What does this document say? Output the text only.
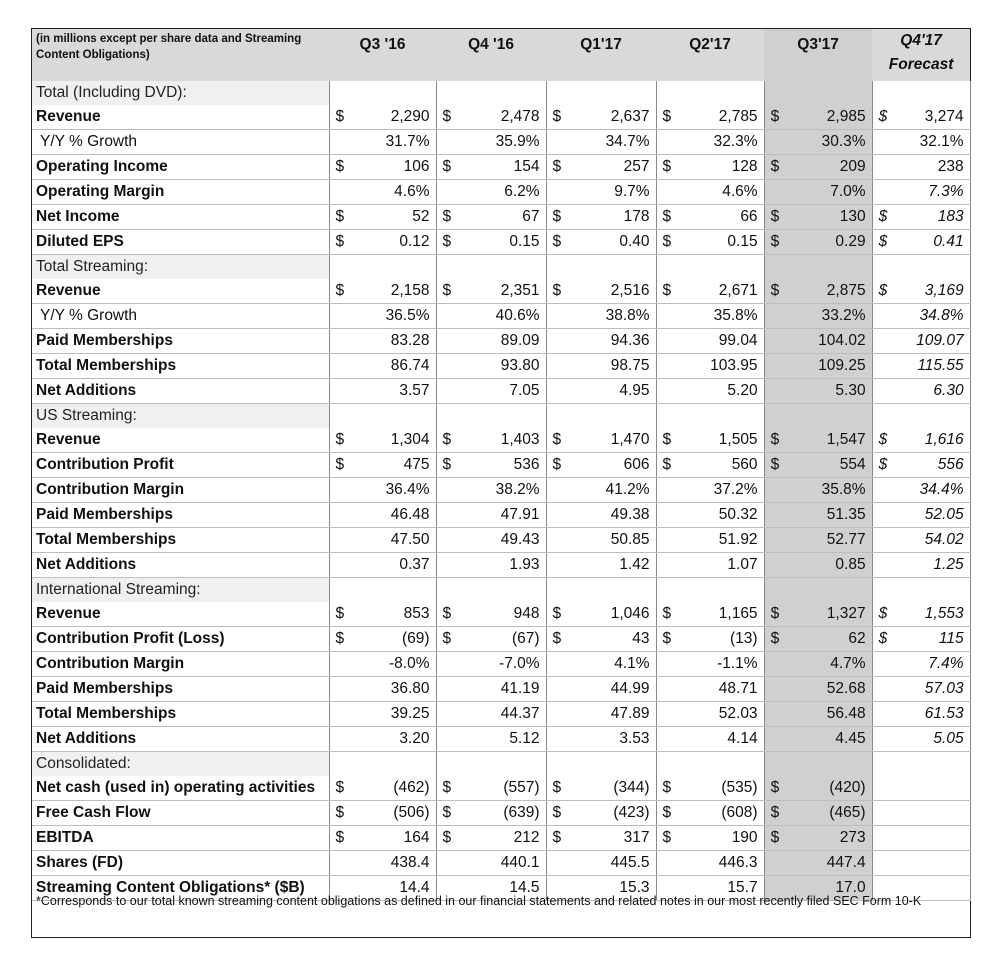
(in millions except per share data and Streaming Content Obligations)	Q3 '16		Q4 '16		Q1'17		Q2'17		Q3'17		Q4'17
Forecast	

Total (Including DVD):												
Revenue	$	2,290	$	2,478	$	2,637	$	2,785	$	2,985	$	3,274
Y/Y % Growth		31.7%		35.9%		34.7%		32.3%		30.3%		32.1%
Operating Income	$	106	$	154	$	257	$	128	$	209		238
Operating Margin		4.6%		6.2%		9.7%		4.6%		7.0%		7.3%
Net Income	$	52	$	67	$	178	$	66	$	130	$	183
Diluted EPS	$	0.12	$	0.15	$	0.40	$	0.15	$	0.29	$	0.41
Total Streaming:												
Revenue	$	2,158	$	2,351	$	2,516	$	2,671	$	2,875	$	3,169
Y/Y % Growth		36.5%		40.6%		38.8%		35.8%		33.2%		34.8%
Paid Memberships		83.28		89.09		94.36		99.04		104.02		109.07
Total Memberships		86.74		93.80		98.75		103.95		109.25		115.55
Net Additions		3.57		7.05		4.95		5.20		5.30		6.30
US Streaming:												
Revenue	$	1,304	$	1,403	$	1,470	$	1,505	$	1,547	$	1,616
Contribution Profit	$	475	$	536	$	606	$	560	$	554	$	556
Contribution Margin		36.4%		38.2%		41.2%		37.2%		35.8%		34.4%
Paid Memberships		46.48		47.91		49.38		50.32		51.35		52.05
Total Memberships		47.50		49.43		50.85		51.92		52.77		54.02
Net Additions		0.37		1.93		1.42		1.07		0.85		1.25
International Streaming:												
Revenue	$	853	$	948	$	1,046	$	1,165	$	1,327	$	1,553
Contribution Profit (Loss)	$	(69)	$	(67)	$	43	$	(13)	$	62	$	115
Contribution Margin		-8.0%		-7.0%		4.1%		-1.1%		4.7%		7.4%
Paid Memberships		36.80		41.19		44.99		48.71		52.68		57.03
Total Memberships		39.25		44.37		47.89		52.03		56.48		61.53
Net Additions		3.20		5.12		3.53		4.14		4.45		5.05
Consolidated:												
Net cash (used in) operating activities	$	(462)	$	(557)	$	(344)	$	(535)	$	(420)		
Free Cash Flow	$	(506)	$	(639)	$	(423)	$	(608)	$	(465)		
EBITDA	$	164	$	212	$	317	$	190	$	273		
Shares (FD)		438.4		440.1		445.5		446.3		447.4		
Streaming Content Obligations* ($B)		14.4		14.5		15.3		15.7		17.0		
*Corresponds to our total known streaming content obligations as defined in our financial statements and related notes in our most recently filed SEC Form 10-K
